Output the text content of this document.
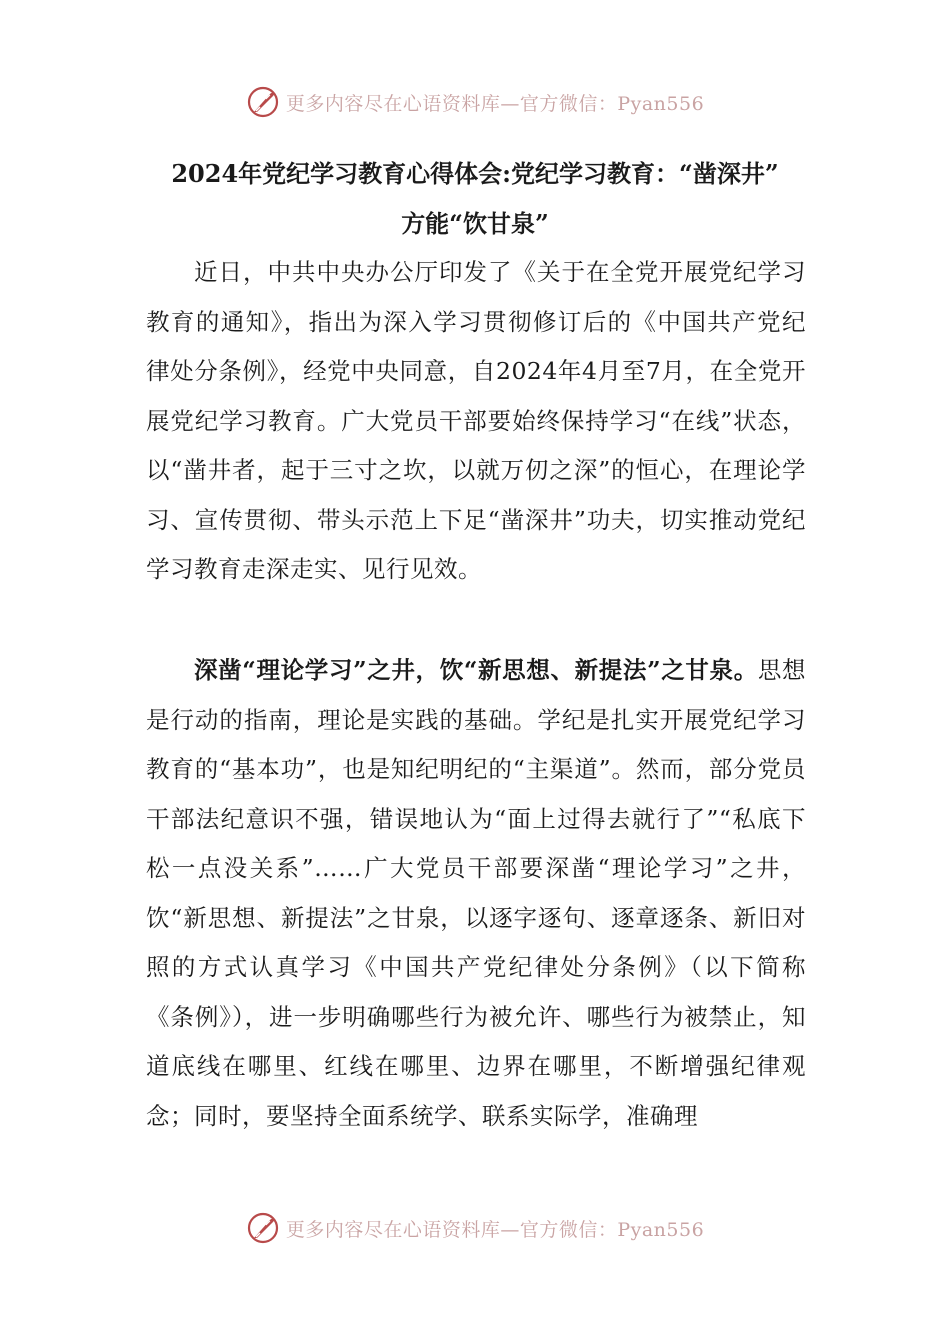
更多内容尽在心语资料库—官方微信：Pyan556
2024年党纪学习教育心得体会:党纪学习教育：“凿深井”
方能“饮甘泉”

近日，中共中央办公厅印发了《关于在全党开展党纪学习教育的通知》，指出为深入学习贯彻修订后的《中国共产党纪律处分条例》，经党中央同意，自2024年4月至7月，在全党开展党纪学习教育。广大党员干部要始终保持学习“在线”状态，以“凿井者，起于三寸之坎，以就万仞之深”的恒心，在理论学习、宣传贯彻、带头示范上下足“凿深井”功夫，切实推动党纪学习教育走深走实、见行见效。

深凿“理论学习”之井，饮“新思想、新提法”之甘泉。思想是行动的指南，理论是实践的基础。学纪是扎实开展党纪学习教育的“基本功”，也是知纪明纪的“主渠道”。然而，部分党员干部法纪意识不强，错误地认为“面上过得去就行了”“私底下松一点没关系”……广大党员干部要深凿“理论学习”之井，饮“新思想、新提法”之甘泉，以逐字逐句、逐章逐条、新旧对照的方式认真学习《中国共产党纪律处分条例》（以下简称《条例》），进一步明确哪些行为被允许、哪些行为被禁止，知道底线在哪里、红线在哪里、边界在哪里，不断增强纪律观念；同时，要坚持全面系统学、联系实际学，准确理

更多内容尽在心语资料库—官方微信：Pyan556
